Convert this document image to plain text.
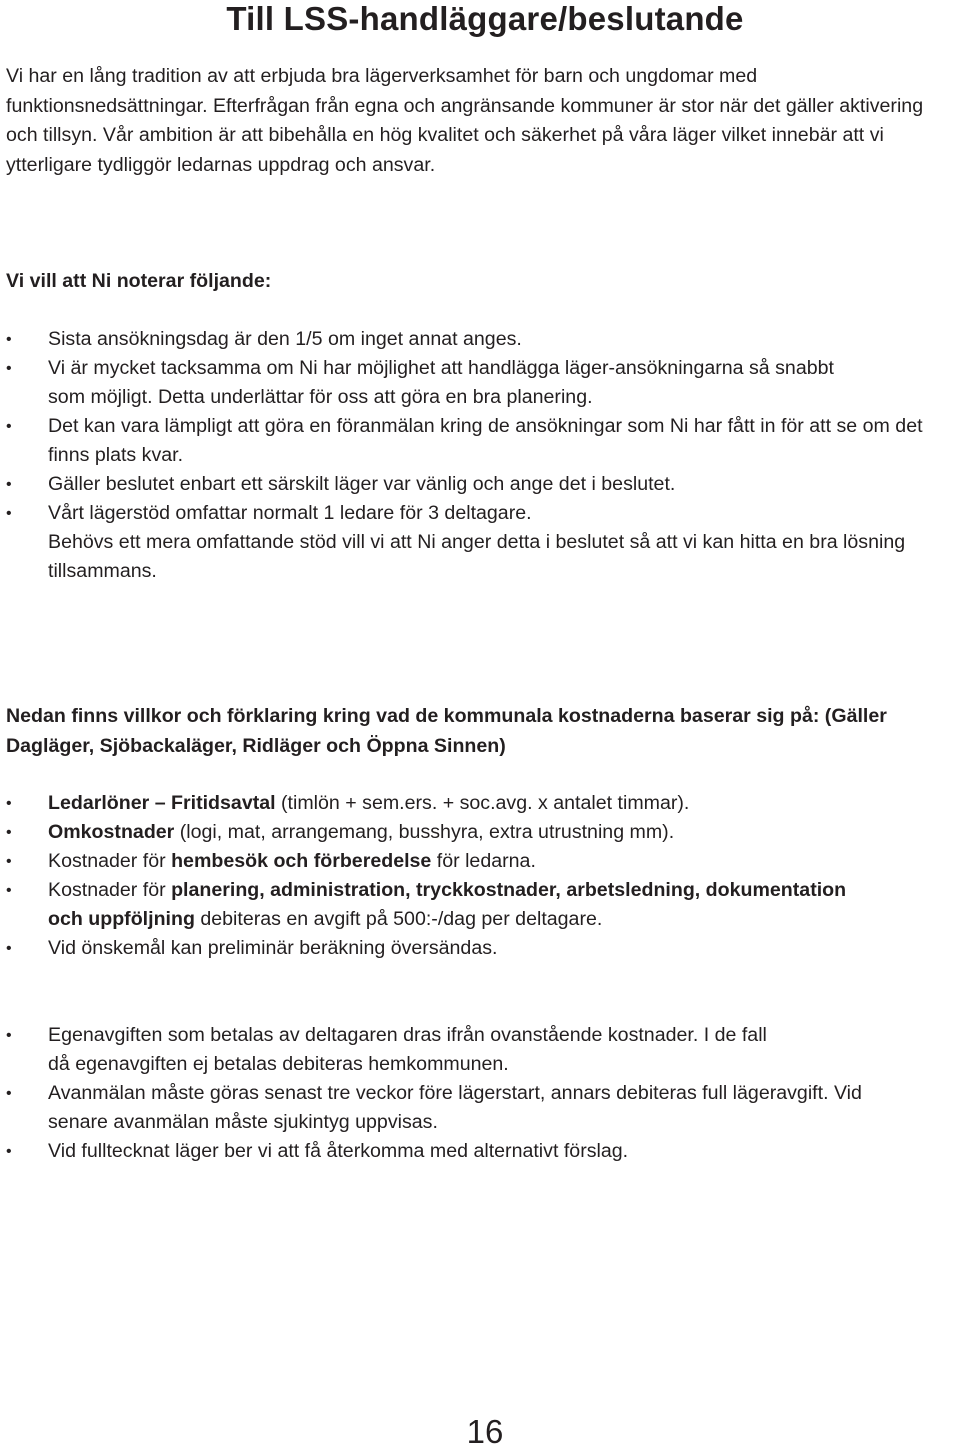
Till LSS-handläggare/beslutande

Vi har en lång tradition av att erbjuda bra lägerverksamhet för barn och ungdomar med funktionsnedsättningar. Efterfrågan från egna och angränsande kommuner är stor när det gäller aktivering och tillsyn. Vår ambition är att bibehålla en hög kvalitet och säkerhet på våra läger vilket innebär att vi ytterligare tydliggör ledarnas uppdrag och ansvar.

Vi vill att Ni noterar följande:

• Sista ansökningsdag är den 1/5 om inget annat anges.
• Vi är mycket tacksamma om Ni har möjlighet att handlägga läger-ansökningarna så snabbt som möjligt. Detta underlättar för oss att göra en bra planering.
• Det kan vara lämpligt att göra en föranmälan kring de ansökningar som Ni har fått in för att se om det finns plats kvar.
• Gäller beslutet enbart ett särskilt läger var vänlig och ange det i beslutet.
• Vårt lägerstöd omfattar normalt 1 ledare för 3 deltagare.
Behövs ett mera omfattande stöd vill vi att Ni anger detta i beslutet så att vi kan hitta en bra lösning tillsammans.

Nedan finns villkor och förklaring kring vad de kommunala kostnaderna baserar sig på: (Gäller Dagläger, Sjöbackaläger, Ridläger och Öppna Sinnen)

• Ledarlöner – Fritidsavtal (timlön + sem.ers. + soc.avg. x antalet timmar).
• Omkostnader (logi, mat, arrangemang, busshyra, extra utrustning mm).
• Kostnader för hembesök och förberedelse för ledarna.
• Kostnader för planering, administration, tryckkostnader, arbetsledning, dokumentation och uppföljning debiteras en avgift på 500:-/dag per deltagare.
• Vid önskemål kan preliminär beräkning översändas.
• Egenavgiften som betalas av deltagaren dras ifrån ovanstående kostnader. I de fall då egenavgiften ej betalas debiteras hemkommunen.
• Avanmälan måste göras senast tre veckor före lägerstart, annars debiteras full lägeravgift. Vid senare avanmälan måste sjukintyg uppvisas.
• Vid fulltecknat läger ber vi att få återkomma med alternativt förslag.
16
